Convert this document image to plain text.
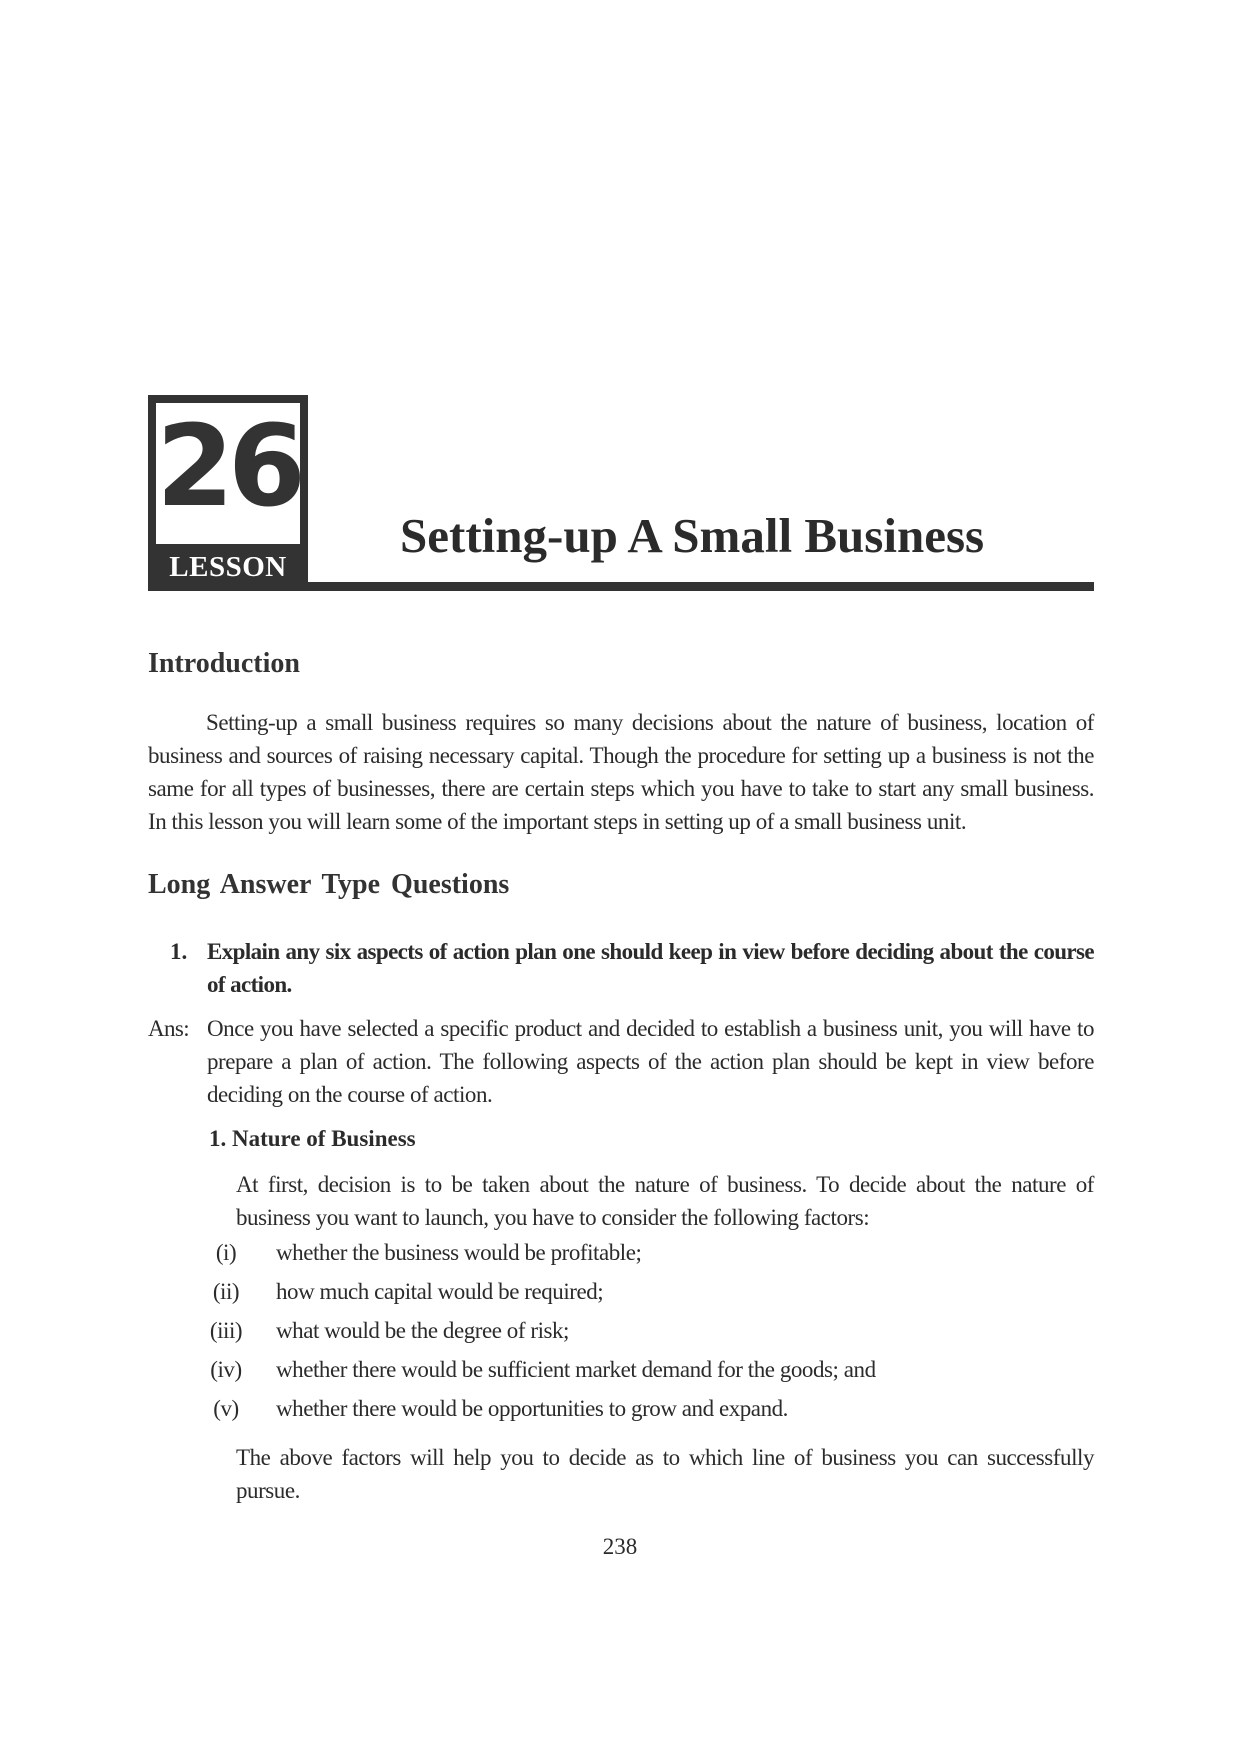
26
LESSON
Setting-up A Small Business
Introduction

Setting-up a small business requires so many decisions about the nature of business, location of business and sources of raising necessary capital. Though the procedure for setting up a business is not the same for all types of businesses, there are certain steps which you have to take to start any small business. In this lesson you will learn some of the important steps in setting up of a small business unit.

Long Answer Type Questions
1. Explain any six aspects of action plan one should keep in view before deciding about the course of action.

Ans: Once you have selected a specific product and decided to establish a business unit, you will have to prepare a plan of action. The following aspects of the action plan should be kept in view before deciding on the course of action.

1. Nature of Business

At first, decision is to be taken about the nature of business. To decide about the nature of business you want to launch, you have to consider the following factors:

(i)	whether the business would be profitable;
(ii)	how much capital would be required;
(iii)	what would be the degree of risk;
(iv)	whether there would be sufficient market demand for the goods; and
(v)	whether there would be opportunities to grow and expand.

The above factors will help you to decide as to which line of business you can successfully pursue.

238
